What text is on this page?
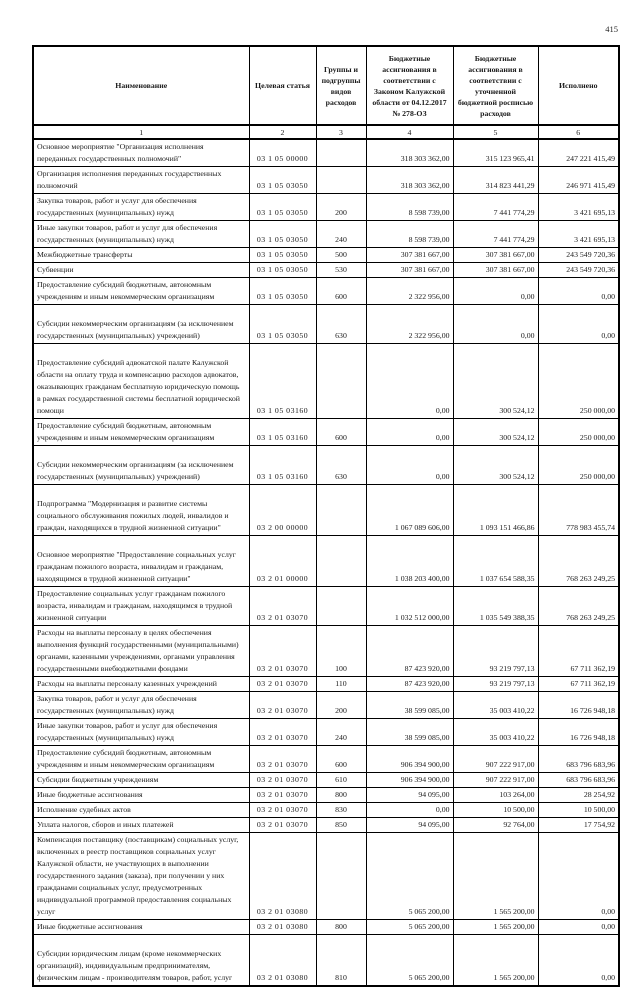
415
Наименование	Целевая статья	Группы и подгруппы видов расходов	Бюджетные ассигнования в соответствии с Законом Калужской области от 04.12.2017 № 278-ОЗ	Бюджетные ассигнования в соответствии с уточненной бюджетной росписью расходов	Исполнено
1	2	3	4	5	6
Основное мероприятие "Организация исполнения переданных государственных полномочий"	03 1 05 00000		318 303 362,00	315 123 965,41	247 221 415,49
Организация исполнения переданных государственных полномочий	03 1 05 03050		318 303 362,00	314 823 441,29	246 971 415,49
Закупка товаров, работ и услуг для обеспечения государственных (муниципальных) нужд	03 1 05 03050	200	8 598 739,00	7 441 774,29	3 421 695,13
Иные закупки товаров, работ и услуг для обеспечения государственных (муниципальных) нужд	03 1 05 03050	240	8 598 739,00	7 441 774,29	3 421 695,13
Межбюджетные трансферты	03 1 05 03050	500	307 381 667,00	307 381 667,00	243 549 720,36
Субвенции	03 1 05 03050	530	307 381 667,00	307 381 667,00	243 549 720,36
Предоставление субсидий бюджетным, автономным учреждениям и иным некоммерческим организациям	03 1 05 03050	600	2 322 956,00	0,00	0,00
Субсидии некоммерческим организациям (за исключением государственных (муниципальных) учреждений)	03 1 05 03050	630	2 322 956,00	0,00	0,00
Предоставление субсидий адвокатской палате Калужской области на оплату труда и компенсацию расходов адвокатов, оказывающих гражданам бесплатную юридическую помощь в рамках государственной системы бесплатной юридической помощи	03 1 05 03160		0,00	300 524,12	250 000,00
Предоставление субсидий бюджетным, автономным учреждениям и иным некоммерческим организациям	03 1 05 03160	600	0,00	300 524,12	250 000,00
Субсидии некоммерческим организациям (за исключением государственных (муниципальных) учреждений)	03 1 05 03160	630	0,00	300 524,12	250 000,00
Подпрограмма "Модернизация и развитие системы социального обслуживания пожилых людей, инвалидов и граждан, находящихся в трудной жизненной ситуации"	03 2 00 00000		1 067 089 606,00	1 093 151 466,86	778 983 455,74
Основное мероприятие "Предоставление социальных услуг гражданам пожилого возраста, инвалидам и гражданам, находящимся в трудной жизненной ситуации"	03 2 01 00000		1 038 203 400,00	1 037 654 588,35	768 263 249,25
Предоставление социальных услуг гражданам пожилого возраста, инвалидам и гражданам, находящимся в трудной жизненной ситуации	03 2 01 03070		1 032 512 000,00	1 035 549 388,35	768 263 249,25
Расходы на выплаты персоналу в целях обеспечения выполнения функций государственными (муниципальными) органами, казенными учреждениями, органами управления государственными внебюджетными фондами	03 2 01 03070	100	87 423 920,00	93 219 797,13	67 711 362,19
Расходы на выплаты персоналу казенных учреждений	03 2 01 03070	110	87 423 920,00	93 219 797,13	67 711 362,19
Закупка товаров, работ и услуг для обеспечения государственных (муниципальных) нужд	03 2 01 03070	200	38 599 085,00	35 003 410,22	16 726 948,18
Иные закупки товаров, работ и услуг для обеспечения государственных (муниципальных) нужд	03 2 01 03070	240	38 599 085,00	35 003 410,22	16 726 948,18
Предоставление субсидий бюджетным, автономным учреждениям и иным некоммерческим организациям	03 2 01 03070	600	906 394 900,00	907 222 917,00	683 796 683,96
Субсидии бюджетным учреждениям	03 2 01 03070	610	906 394 900,00	907 222 917,00	683 796 683,96
Иные бюджетные ассигнования	03 2 01 03070	800	94 095,00	103 264,00	28 254,92
Исполнение судебных актов	03 2 01 03070	830	0,00	10 500,00	10 500,00
Уплата налогов, сборов и иных платежей	03 2 01 03070	850	94 095,00	92 764,00	17 754,92
Компенсация поставщику (поставщикам) социальных услуг, включенных в реестр поставщиков социальных услуг Калужской области, не участвующих в выполнении государственного задания (заказа), при получении у них гражданами социальных услуг, предусмотренных индивидуальной программой предоставления социальных услуг	03 2 01 03080		5 065 200,00	1 565 200,00	0,00
Иные бюджетные ассигнования	03 2 01 03080	800	5 065 200,00	1 565 200,00	0,00
Субсидии юридическим лицам (кроме некоммерческих организаций), индивидуальным предпринимателям, физическим лицам - производителям товаров, работ, услуг	03 2 01 03080	810	5 065 200,00	1 565 200,00	0,00
